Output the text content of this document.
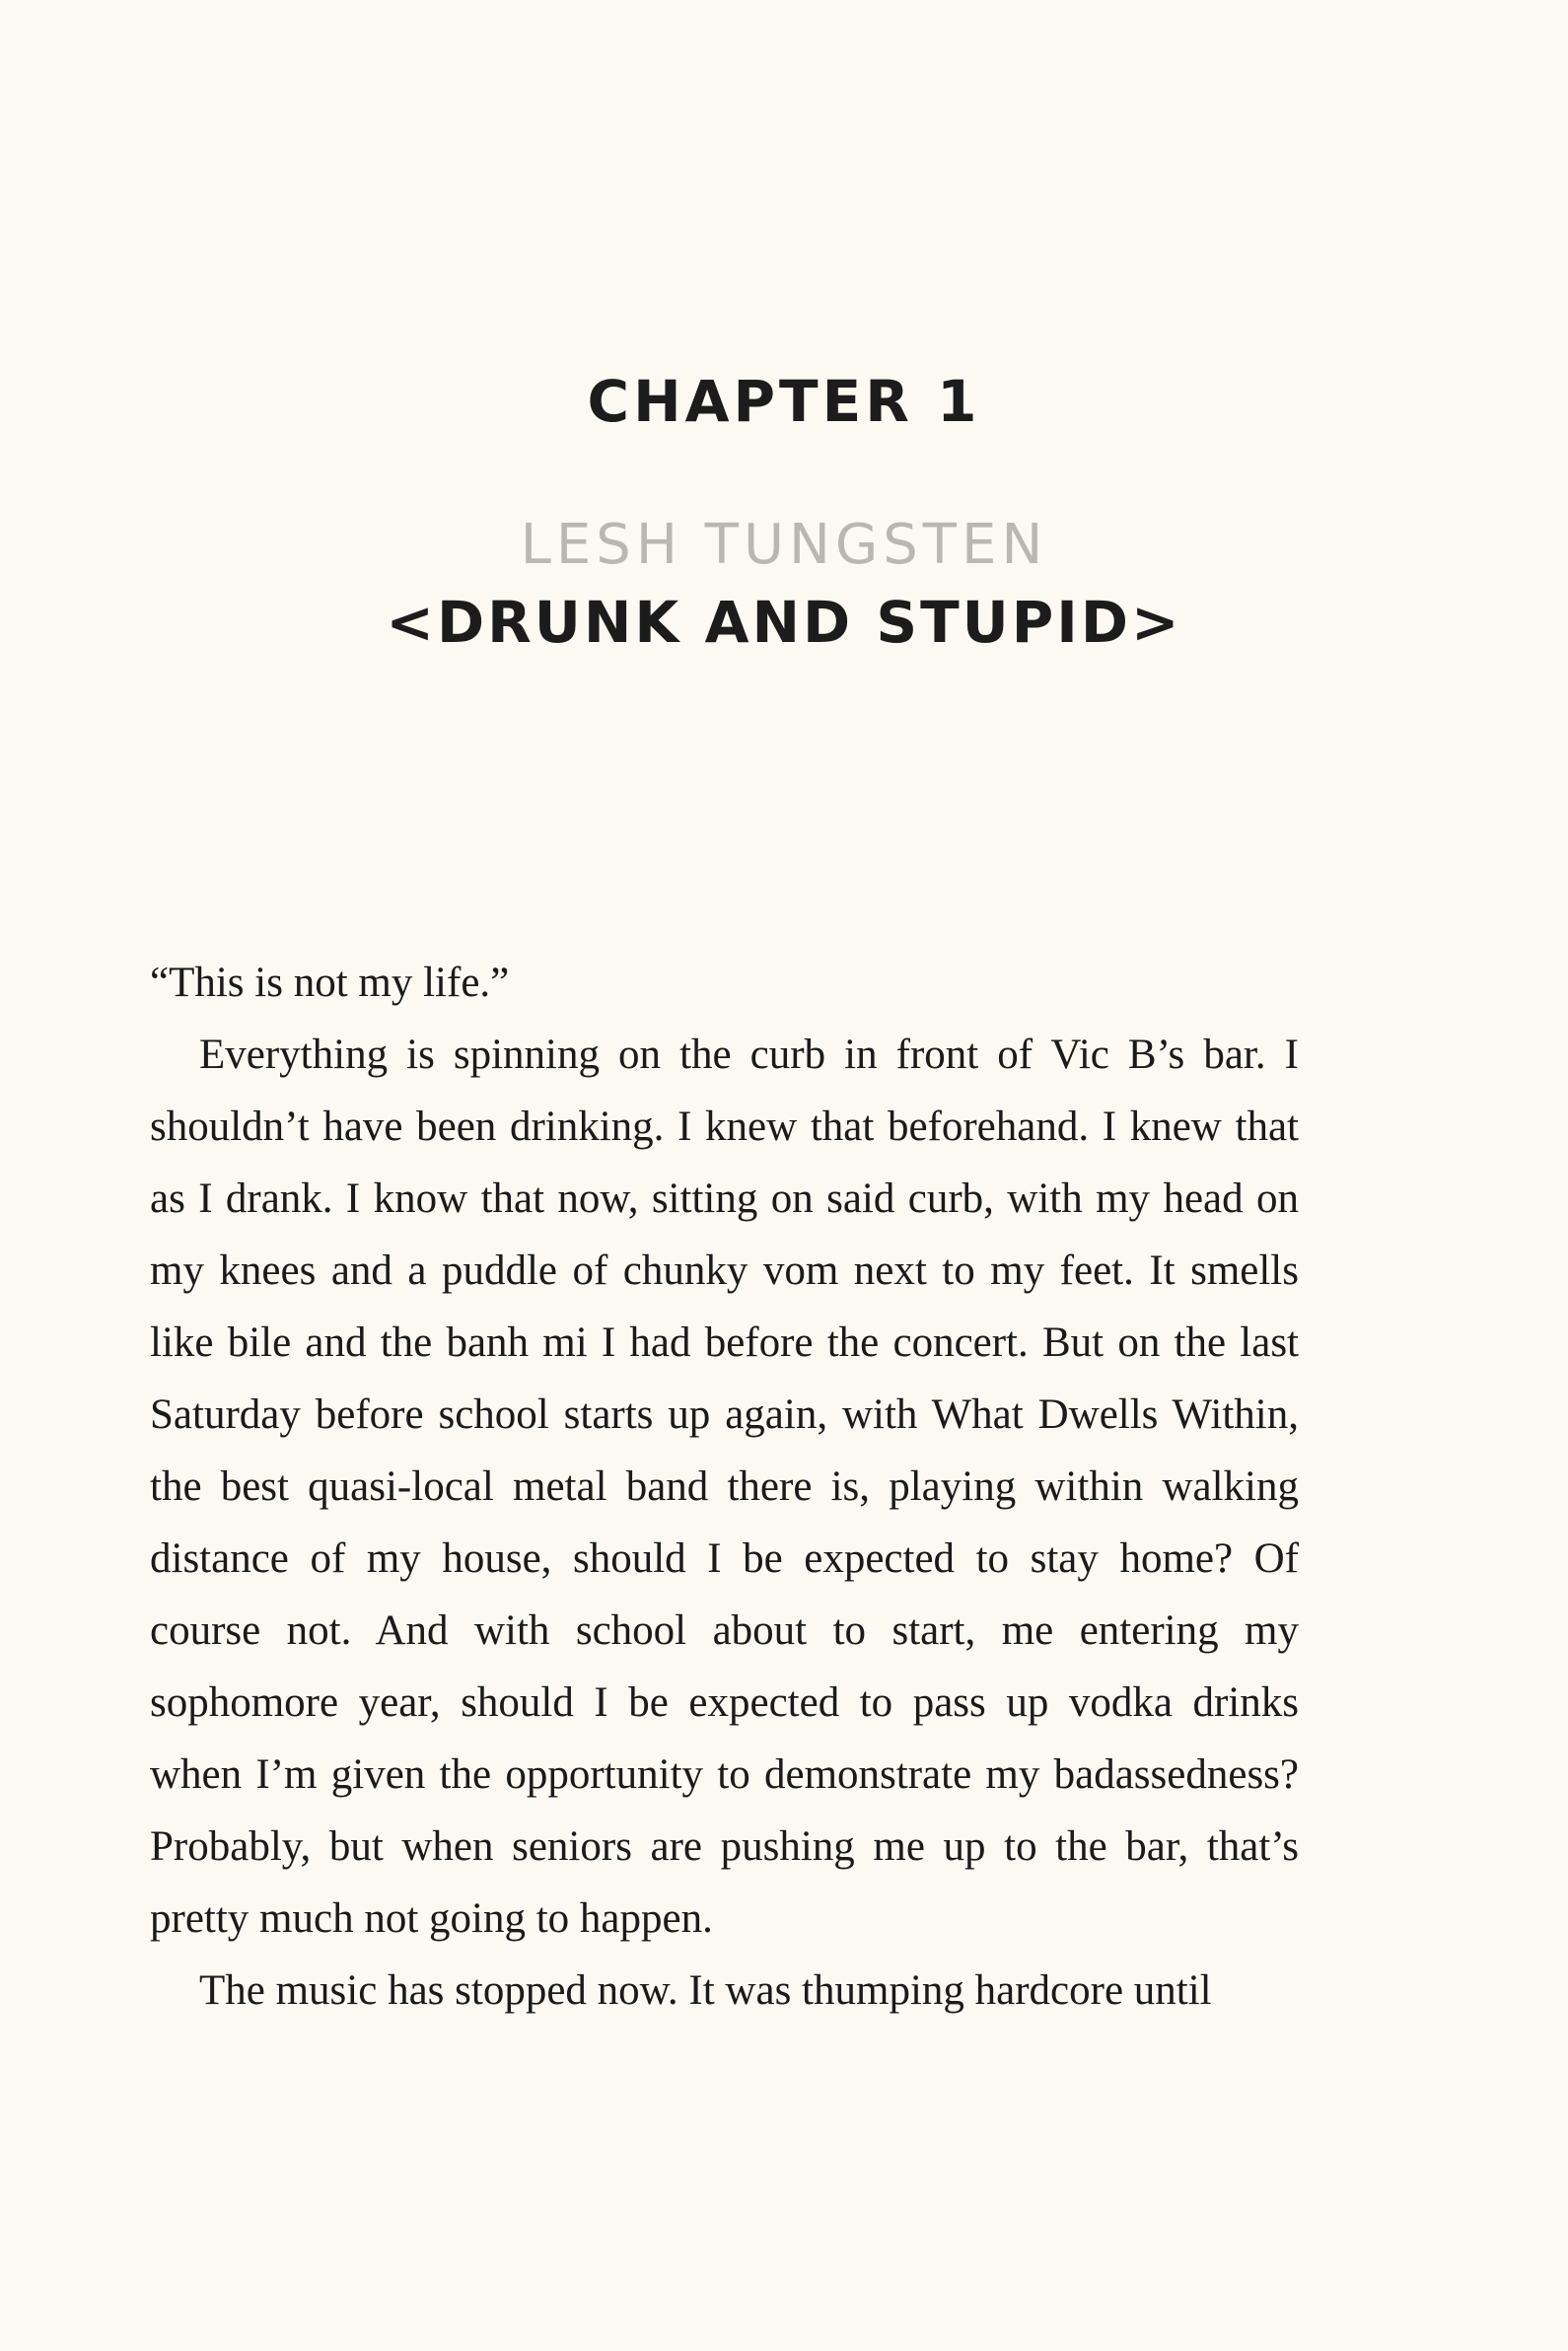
CHAPTER 1
LESH TUNGSTEN
<DRUNK AND STUPID>

“This is not my life.”

Everything is spinning on the curb in front of Vic B’s bar. I shouldn’t have been drinking. I knew that beforehand. I knew that as I drank. I know that now, sitting on said curb, with my head on my knees and a puddle of chunky vom next to my feet. It smells like bile and the banh mi I had before the concert. But on the last Saturday before school starts up again, with What Dwells Within, the best quasi-local metal band there is, playing within walking distance of my house, should I be expected to stay home? Of course not. And with school about to start, me entering my sophomore year, should I be expected to pass up vodka drinks when I’m given the opportunity to demonstrate my badassedness? Probably, but when seniors are pushing me up to the bar, that’s pretty much not going to happen.

The music has stopped now. It was thumping hardcore until
